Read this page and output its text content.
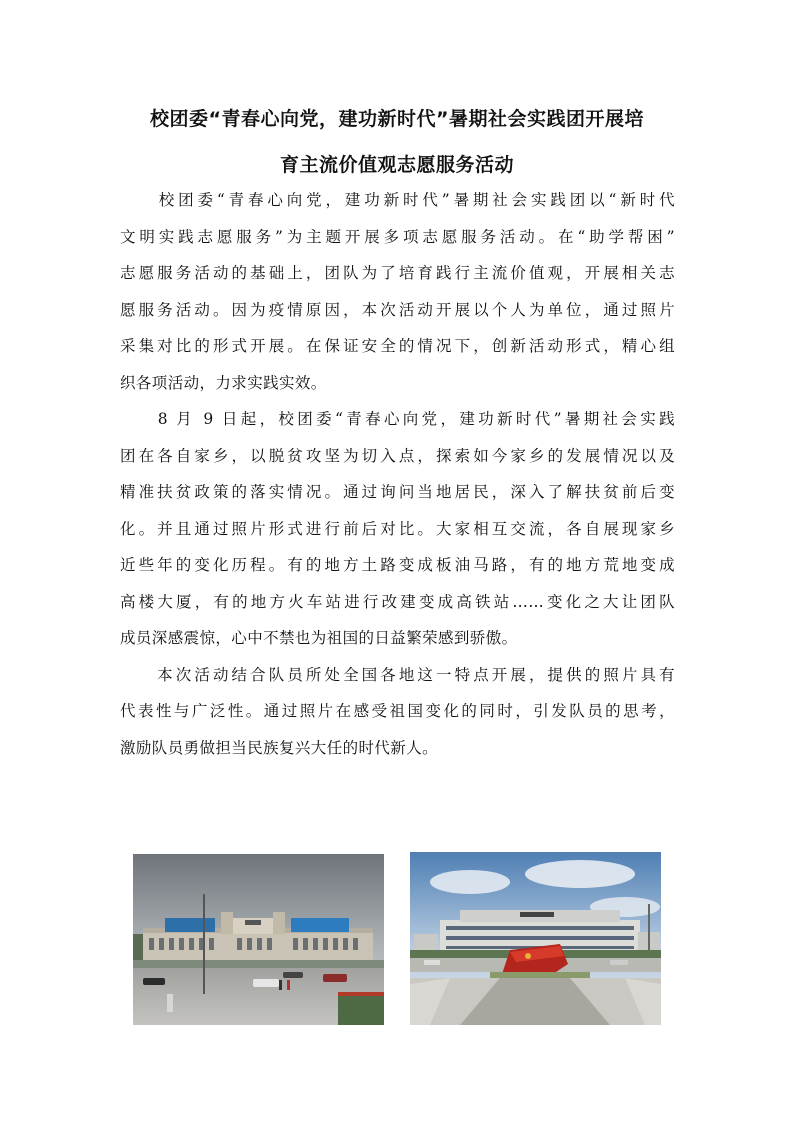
校团委“青春心向党，建功新时代”暑期社会实践团开展培
育主流价值观志愿服务活动

　　校团委“青春心向党，建功新时代”暑期社会实践团以“新时代
文明实践志愿服务”为主题开展多项志愿服务活动。在“助学帮困”
志愿服务活动的基础上，团队为了培育践行主流价值观，开展相关志
愿服务活动。因为疫情原因，本次活动开展以个人为单位，通过照片
采集对比的形式开展。在保证安全的情况下，创新活动形式，精心组
织各项活动，力求实践实效。

　　8 月 9 日起，校团委“青春心向党，建功新时代”暑期社会实践
团在各自家乡，以脱贫攻坚为切入点，探索如今家乡的发展情况以及
精准扶贫政策的落实情况。通过询问当地居民，深入了解扶贫前后变
化。并且通过照片形式进行前后对比。大家相互交流，各自展现家乡
近些年的变化历程。有的地方土路变成板油马路，有的地方荒地变成
高楼大厦，有的地方火车站进行改建变成高铁站……变化之大让团队
成员深感震惊，心中不禁也为祖国的日益繁荣感到骄傲。

　　本次活动结合队员所处全国各地这一特点开展，提供的照片具有
代表性与广泛性。通过照片在感受祖国变化的同时，引发队员的思考，
激励队员勇做担当民族复兴大任的时代新人。
